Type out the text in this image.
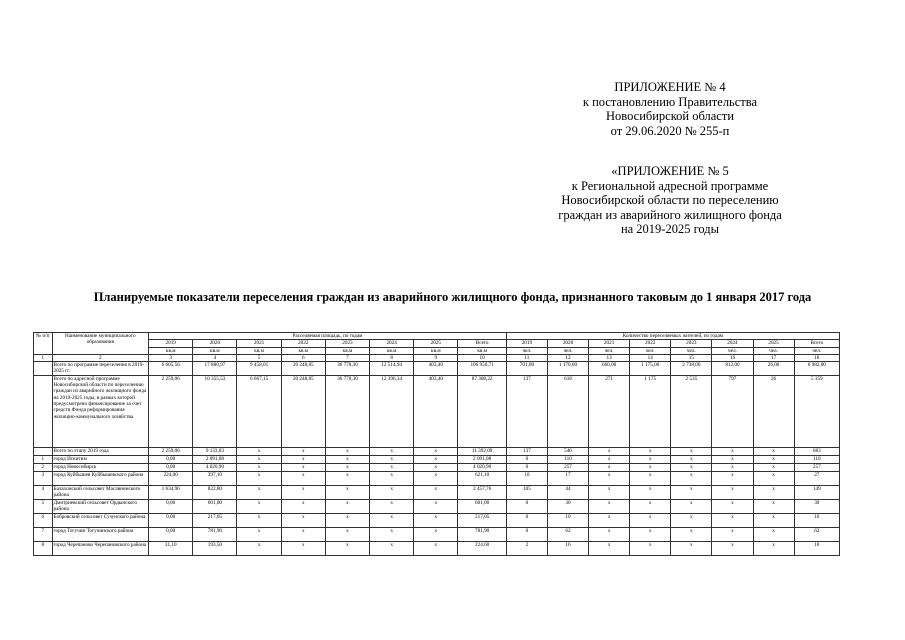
ПРИЛОЖЕНИЕ № 4
к постановлению Правительства
Новосибирской области
от 29.06.2020 № 255-п
«ПРИЛОЖЕНИЕ № 5
к Региональной адресной программе
Новосибирской области по переселению
граждан из аварийного жилищного фонда
на 2019-2025 годы
Планируемые показатели переселения граждан из аварийного жилищного фонда, признанного таковым до 1 января 2017 года
№ п/п	Наименование муниципального образования	Расселяемая площадь, по годам								Количество переселяемых жителей, по годам							
		2019	2020	2021	2022	2023	2024	2025	Всего	2019	2020	2021	2022	2023	2024	2025	Всего
		кв.м	кв.м	кв.м	кв.м	кв.м	кв.м	кв.м	кв.м	чел.	чел.	чел.	чел.	чел.	чел.	чел.	чел.
1	2	3	4	5	6	7	8	9	10	11	12	13	14	15	16	17	18
	Всего по программе переселения в 2019-2025 гг.	6 665,56	17 880,97	9 458,01	20 248,85	36 778,30	12 514,94	403,40	106 950,71	701,00	1 170,00	660,00	1 175,00	2 738,00	812,00	26,00	6 982,00
	Всего по адресной программе Новосибирской области по переселению граждан из аварийного жилищного фонда на 2019-2025 годы, в рамках которой предусмотрено финансирование за счет средств Фонда реформирования жилищно-коммунального хозяйства	2 259,06	10 355,53	6 667,15	20 248,85	36 778,30	12 396,34	403,40	87 308,22	137	618	271	1 175	2 535	797	26	5 359
	Всего по этапу 2019 года	2 259,06	9 133,03	х	х	х	х	х	11 392,09	137	546	х	х	х	х	х	683
1	город Искитим	0,00	2 091,08	х	х	х	х	х	2 091,08	0	110	х	х	х	х	х	110
2	город Новосибирск	0,00	4 020,90	х	х	х	х	х	4 020,90	0	257	х	х	х	х	х	257
3	город Куйбышев Куйбышевского района	224,00	397,10	х	х	х	х	х	621,10	10	17	х	х	х	х	х	27
4	Балахонский сельсовет Маслянинского района	1 634,96	822,80	х	х	х	х	х	2 457,76	105	44	х	х	х	х	х	149
5	Дмитриевский сельсовет Ордынского района	0,00	601,00	х	х	х	х	х	601,00	0	30	х	х	х	х	х	30
6	Бобровский сельсовет Сузунского района	0,00	217,05	х	х	х	х	х	217,05	0	10	х	х	х	х	х	10
7	город Тогучин Тогучинского района	0,00	781,90	х	х	х	х	х	781,90	0	62	х	х	х	х	х	62
8	город Черепаново Черепановского района	31,10	193,50	х	х	х	х	х	224,60	2	16	х	х	х	х	х	18
